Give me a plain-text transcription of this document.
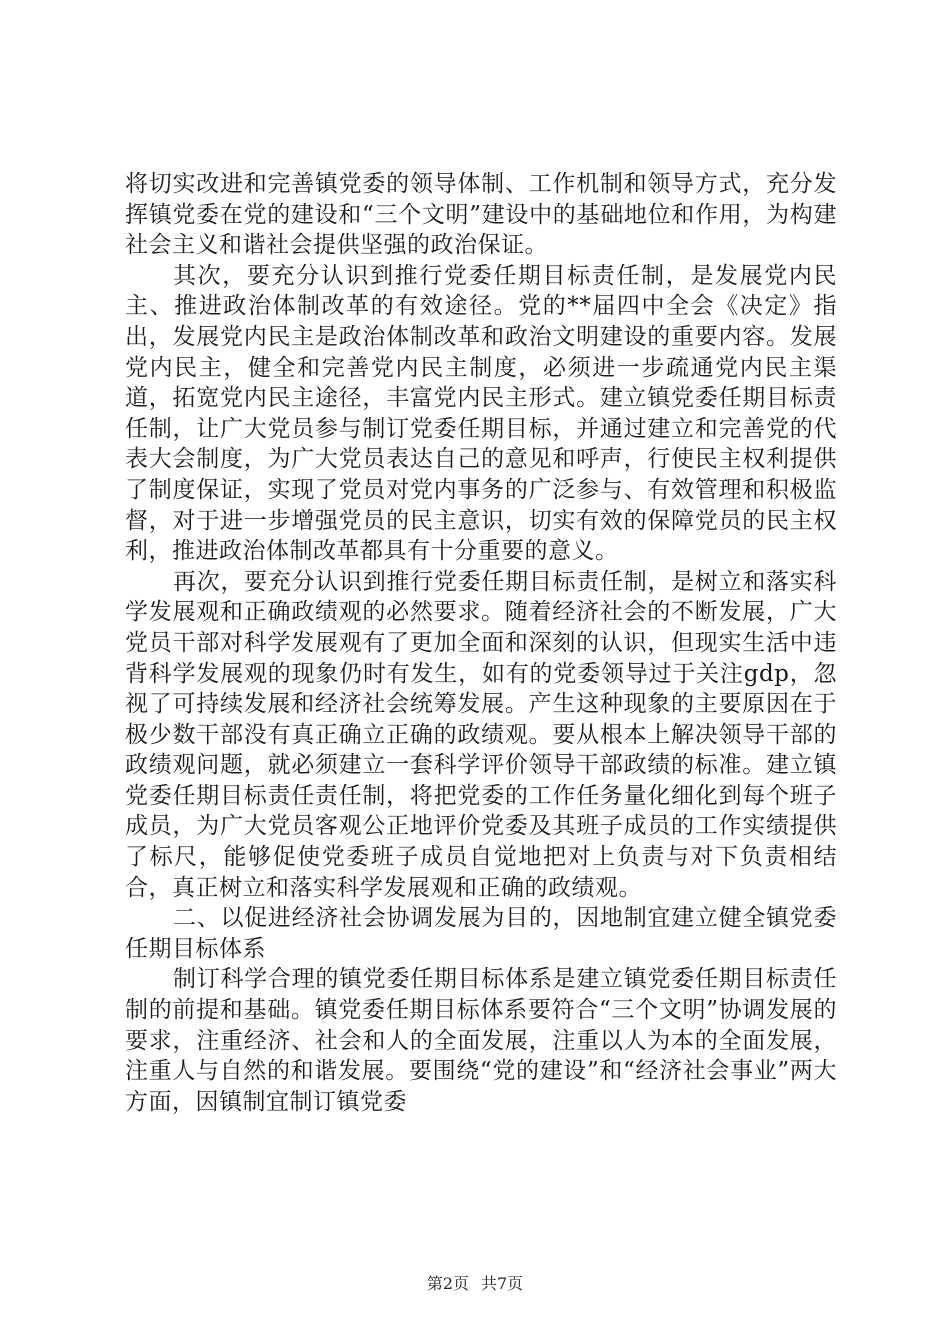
将切实改进和完善镇党委的领导体制、工作机制和领导方式，充分发挥镇党委在党的建设和“三个文明”建设中的基础地位和作用，为构建社会主义和谐社会提供坚强的政治保证。

其次，要充分认识到推行党委任期目标责任制，是发展党内民主、推进政治体制改革的有效途径。党的**届四中全会《决定》指出，发展党内民主是政治体制改革和政治文明建设的重要内容。发展党内民主，健全和完善党内民主制度，必须进一步疏通党内民主渠道，拓宽党内民主途径，丰富党内民主形式。建立镇党委任期目标责任制，让广大党员参与制订党委任期目标，并通过建立和完善党的代表大会制度，为广大党员表达自己的意见和呼声，行使民主权利提供了制度保证，实现了党员对党内事务的广泛参与、有效管理和积极监督，对于进一步增强党员的民主意识，切实有效的保障党员的民主权利，推进政治体制改革都具有十分重要的意义。

再次，要充分认识到推行党委任期目标责任制，是树立和落实科学发展观和正确政绩观的必然要求。随着经济社会的不断发展，广大党员干部对科学发展观有了更加全面和深刻的认识，但现实生活中违背科学发展观的现象仍时有发生，如有的党委领导过于关注gdp，忽视了可持续发展和经济社会统筹发展。产生这种现象的主要原因在于极少数干部没有真正确立正确的政绩观。要从根本上解决领导干部的政绩观问题，就必须建立一套科学评价领导干部政绩的标准。建立镇党委任期目标责任责任制，将把党委的工作任务量化细化到每个班子成员，为广大党员客观公正地评价党委及其班子成员的工作实绩提供了标尺，能够促使党委班子成员自觉地把对上负责与对下负责相结合，真正树立和落实科学发展观和正确的政绩观。

二、以促进经济社会协调发展为目的，因地制宜建立健全镇党委任期目标体系

制订科学合理的镇党委任期目标体系是建立镇党委任期目标责任制的前提和基础。镇党委任期目标体系要符合“三个文明”协调发展的要求，注重经济、社会和人的全面发展，注重以人为本的全面发展，注重人与自然的和谐发展。要围绕“党的建设”和“经济社会事业”两大方面，因镇制宜制订镇党委

第2页 共7页
